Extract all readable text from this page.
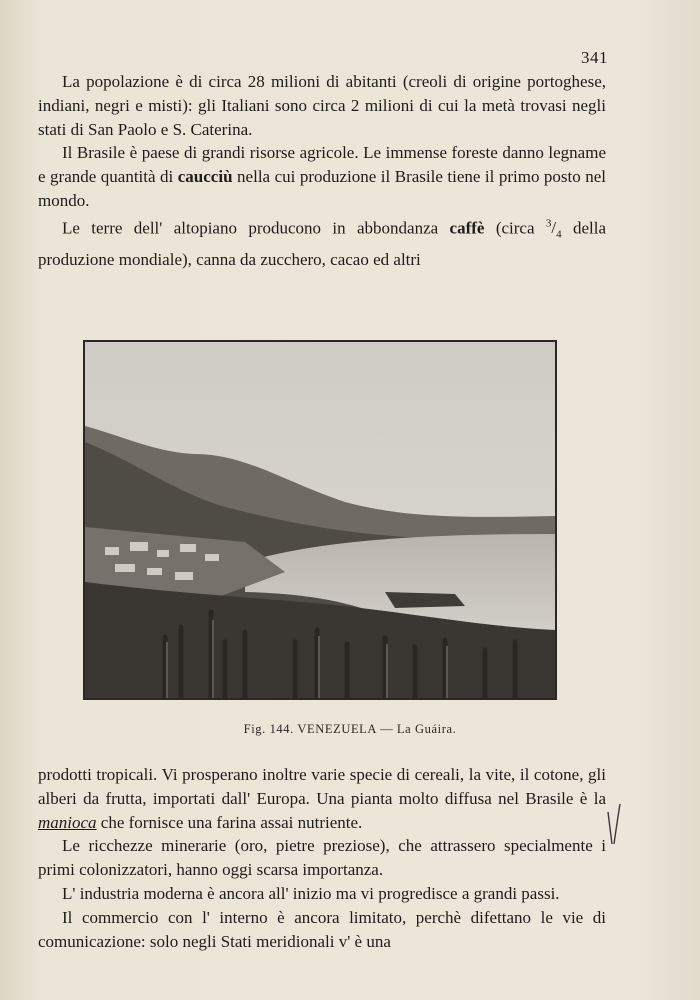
341

La popolazione è di circa 28 milioni di abitanti (creoli di origine portoghese, indiani, negri e misti): gli Italiani sono circa 2 milioni di cui la metà trovasi negli stati di San Paolo e S. Caterina.

Il Brasile è paese di grandi risorse agricole. Le immense foreste danno legname e grande quantità di caucciù nella cui produzione il Brasile tiene il primo posto nel mondo.

Le terre dell' altopiano producono in abbondanza caffè (circa $^3/_4$ della produzione mondiale), canna da zucchero, cacao ed altri

Fig. 144. VENEZUELA — La Guáira.

prodotti tropicali. Vi prosperano inoltre varie specie di cereali, la vite, il cotone, gli alberi da frutta, importati dall' Europa. Una pianta molto diffusa nel Brasile è la manioca che fornisce una farina assai nutriente.

Le ricchezze minerarie (oro, pietre preziose), che attrassero specialmente i primi colonizzatori, hanno oggi scarsa importanza.

L' industria moderna è ancora all' inizio ma vi progredisce a grandi passi.

Il commercio con l' interno è ancora limitato, perchè difettano le vie di comunicazione: solo negli Stati meridionali v' è una
